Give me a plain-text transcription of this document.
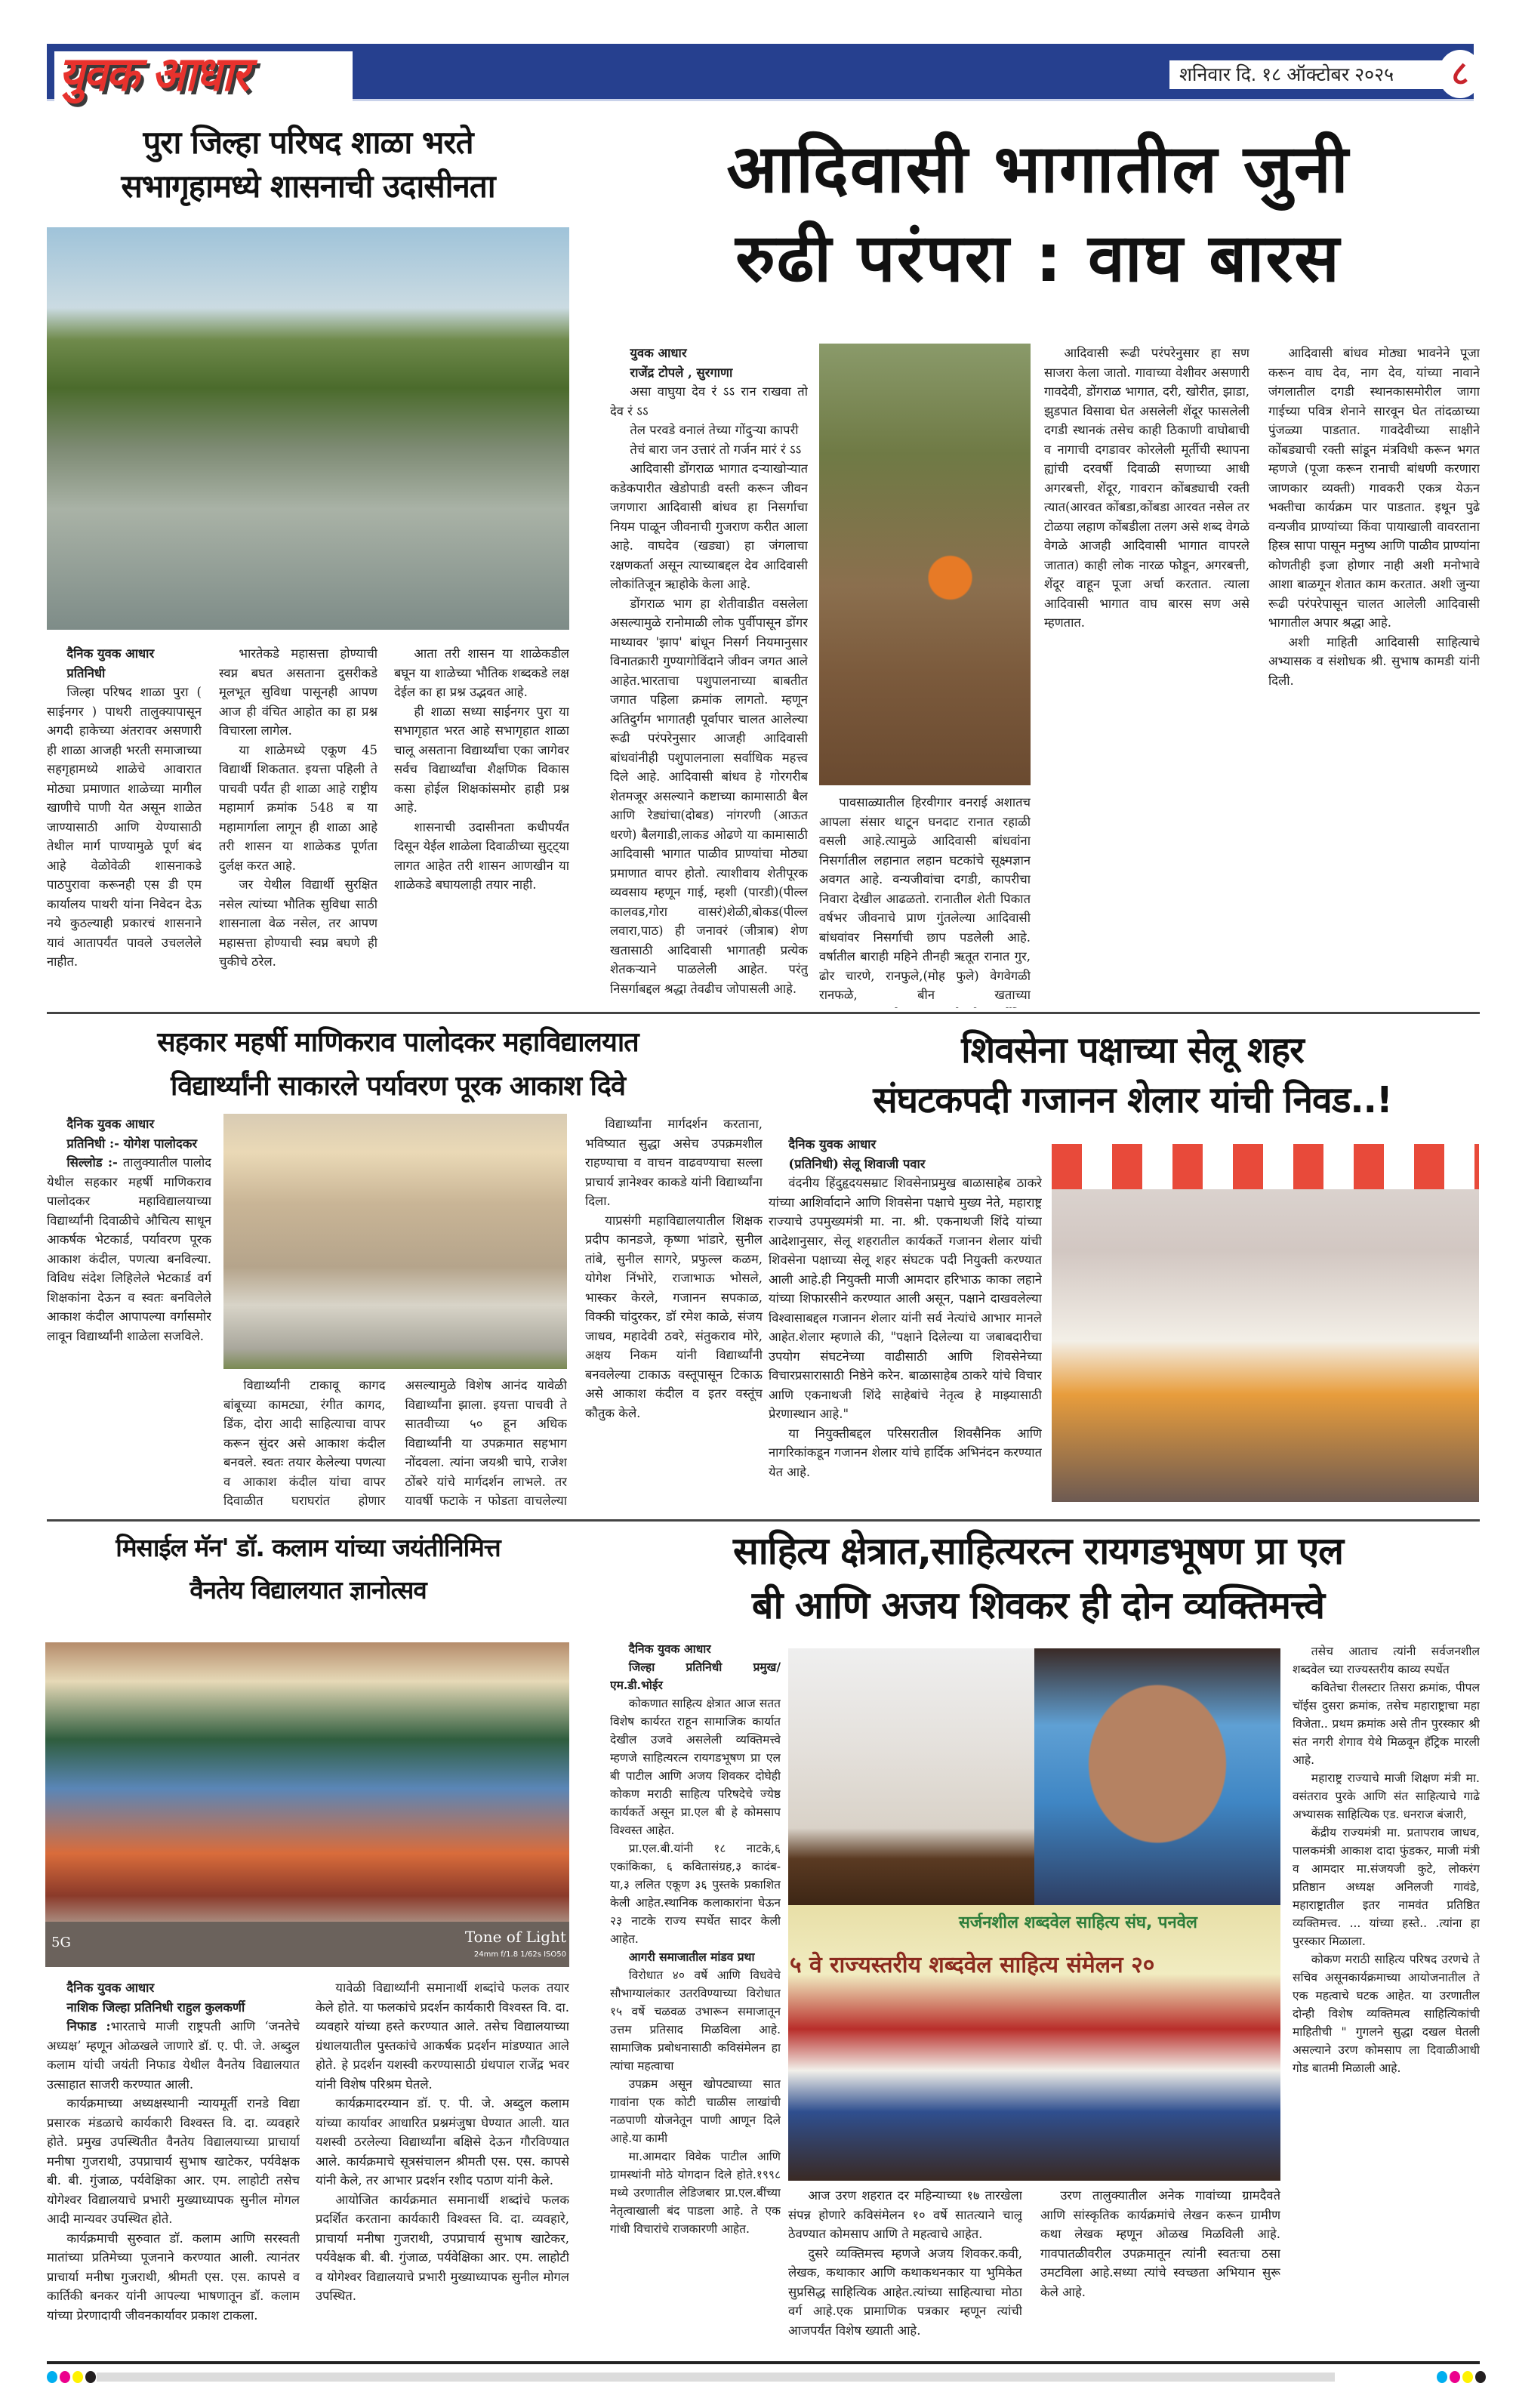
युवक आधार	शनिवार दि. १८ ऑक्टोबर २०२५	८
पुरा जिल्हा परिषद शाळा भरते
सभागृहामध्ये शासनाची उदासीनता
दैनिक युवक आधार
प्रतिनिधी

जिल्हा परिषद शाळा पुरा ( साईनगर ) पाथरी तालुक्यापासून अगदी हाकेच्या अंतरावर असणारी ही शाळा आजही भरती समाजाच्या सहगृहामध्ये शाळेचे आवारात मोठ्या प्रमाणात शाळेच्या मागील खाणीचे पाणी येत असून शाळेत जाण्यासाठी आणि येण्यासाठी तेथील मार्ग पाण्यामुळे पूर्ण बंद आहे वेळोवेळी शासनाकडे पाठपुरावा करूनही एस डी एम कार्यालय पाथरी यांना निवेदन देऊ नये कुठल्याही प्रकारचं शासनाने यावं आतापर्यंत पावले उचललेले नाहीत.

भारतेकडे महासत्ता होण्याची स्वप्न बघत असताना दुसरीकडे मूलभूत सुविधा पासूनही आपण आज ही वंचित आहोत का हा प्रश्न विचारला लागेल.

या शाळेमध्ये एकूण 45 विद्यार्थी शिकतात. इयत्ता पहिली ते पाचवी पर्यंत ही शाळा आहे राष्ट्रीय महामार्ग क्रमांक 548 ब या महामार्गाला लागून ही शाळा आहे तरी शासन या शाळेकड पूर्णता दुर्लक्ष करत आहे.

जर येथील विद्यार्थी सुरक्षित नसेल त्यांच्या भौतिक सुविधा साठी शासनाला वेळ नसेल, तर आपण महासत्ता होण्याची स्वप्न बघणे ही चुकीचे ठरेल.

आता तरी शासन या शाळेकडील बघून या शाळेच्या भौतिक शब्दकडे लक्ष देईल का हा प्रश्न उद्भवत आहे.

ही शाळा सध्या साईनगर पुरा या सभागृहात भरत आहे सभागृहात शाळा चालू असताना विद्यार्थ्यांचा एका जागेवर सर्वच विद्यार्थ्यांचा शैक्षणिक विकास कसा होईल शिक्षकांसमोर हाही प्रश्न आहे.

शासनाची उदासीनता कधीपर्यंत दिसून येईल शाळेला दिवाळीच्या सुट्ट्या लागत आहेत तरी शासन आणखीन या शाळेकडे बघायलाही तयार नाही.

आदिवासी भागातील जुनी
रुढी परंपरा : वाघ बारस
युवक आधार
राजेंद्र टोपले , सुरगाणा

असा वाघुया देव रं ऽऽ रान राखवा तो देव रं ऽऽ

तेल परवडे वनालं तेच्या गोंदुऱ्या कापरी

तेचं बारा जन उत्तारं तो गर्जन मारं रं ऽऽ

आदिवासी डोंगराळ भागात दऱ्याखोऱ्यात कडेकपारीत खेडोपाडी वस्ती करून जीवन जगणारा आदिवासी बांधव हा निसर्गाचा नियम पाळून जीवनाची गुजराण करीत आला आहे. वाघदेव (खड्या) हा जंगलाचा रक्षणकर्ता असून त्याच्याबद्दल देव आदिवासी लोकांतिजून ऋाहोके केला आहे.

डोंगराळ भाग हा शेतीवाडीत वसलेला असल्यामुळे रानोमाळी लोक पुर्वीपासून डोंगर माथ्यावर 'झाप' बांधून निसर्ग नियमानुसार विनातक्रारी गुण्यागोविंदाने जीवन जगत आले आहेत.भारताचा पशुपालनाच्या बाबतीत जगात पहिला क्रमांक लागतो. म्हणून अतिदुर्गम भागातही पूर्वापार चालत आलेल्या रूढी परंपरेनुसार आजही आदिवासी बांधवांनीही पशुपालनाला सर्वाधिक महत्त्व दिले आहे. आदिवासी बांधव हे गोरगरीब शेतमजूर असल्याने कष्टाच्या कामासाठी बैल आणि रेड्यांचा(दोबड) नांगरणी (आऊत धरणे) बैलगाडी,लाकड ओढणे या कामासाठी आदिवासी भागात पाळीव प्राण्यांचा मोठ्या प्रमाणात वापर होतो. त्याशीवाय शेतीपूरक व्यवसाय म्हणून गाई, म्हशी (पारडी)(पील्ल कालवड,गोरा वासरं)शेळी,बोकड(पील्ल लवारा,पाठ) ही जनावरं (जीत्राब) शेण खतासाठी आदिवासी भागातही प्रत्येक शेतकऱ्याने पाळलेली आहेत. परंतु निसर्गाबद्दल श्रद्धा तेवढीच जोपासली आहे.

पावसाळ्यातील हिरवीगार वनराई अशातच आपला संसार थाटून घनदाट रानात रहाळी वसली आहे.त्यामुळे आदिवासी बांधवांना निसर्गातील लहानात लहान घटकांचे सूक्ष्मज्ञान अवगत आहे. वन्यजीवांचा दगडी, कापरीचा निवारा देखील आढळतो. रानातील शेती पिकात वर्षभर जीवनाचे प्राण गुंतलेल्या आदिवासी बांधवांवर निसर्गाची छाप पडलेली आहे. वर्षातील बाराही महिने तीनही ऋतूत रानात गुर, ढोर चारणे, रानफुले,(मोह फुले) वेगवेगळी रानफळे, बीन खताच्या

आदिवासी रूढी परंपरेनुसार हा सण साजरा केला जातो. गावाच्या वेशीवर असणारी गावदेवी, डोंगराळ भागात, दरी, खोरीत, झाडा, झुडपात विसावा घेत असलेली शेंदूर फासलेली दगडी स्थानकं तसेच काही ठिकाणी वाघोबाची व नागाची दगडावर कोरलेली मूर्तीची स्थापना ह्यांची दरवर्षी दिवाळी सणाच्या आधी अगरबत्ती, शेंदूर, गावरान कोंबड्याची रक्ती त्यात(आरवत कोंबडा,कोंबडा आरवत नसेल तर टोळया लहाण कोंबडीला तलग असे शब्द वेगळे वेगळे आजही आदिवासी भागात वापरले जातात) काही लोक नारळ फोडून, अगरबत्ती, शेंदूर वाहून पूजा अर्चा करतात. त्याला आदिवासी भागात वाघ बारस सण असे म्हणतात.

आदिवासी बांधव मोठ्या भावनेने पूजा करून वाघ देव, नाग देव, यांच्या नावाने जंगलातील दगडी स्थानकासमोरील जागा गाईच्या पवित्र शेनाने सारवून घेत तांदळाच्या पुंजळ्या पाडतात. गावदेवीच्या साक्षीने कोंबड्याची रक्ती सांडून मंत्रविधी करून भगत म्हणजे (पूजा करून रानाची बांधणी करणारा जाणकार व्यक्ती) गावकरी एकत्र येऊन भक्तीचा कार्यक्रम पार पाडतात. इथून पुढे वन्यजीव प्राण्यांच्या किंवा पायाखाली वावरताना हिस्त्र सापा पासून मनुष्य आणि पाळीव प्राण्यांना कोणतीही इजा होणार नाही अशी मनोभावे आशा बाळगून शेतात काम करतात. अशी जुन्या रूढी परंपरेपासून चालत आलेली आदिवासी भागातील अपार श्रद्धा आहे.

अशी माहिती आदिवासी साहित्याचे अभ्यासक व संशोधक श्री. सुभाष कामडी यांनी दिली.

सहकार महर्षी माणिकराव पालोदकर महाविद्यालयात
विद्यार्थ्यांनी साकारले पर्यावरण पूरक आकाश दिवे
दैनिक युवक आधार
प्रतिनिधी :- योगेश पालोदकर

सिल्लोड :- तालुक्यातील पालोद येथील सहकार महर्षी माणिकराव पालोदकर महाविद्यालयाच्या विद्यार्थ्यांनी दिवाळीचे औचित्य साधून आकर्षक भेटकार्ड, पर्यावरण पूरक आकाश कंदील, पणत्या बनविल्या. विविध संदेश लिहिलेले भेटकार्ड वर्ग शिक्षकांना देऊन व स्वतः बनविलेले आकाश कंदील आपापल्या वर्गासमोर लावून विद्यार्थ्यांनी शाळेला सजविले.

विद्यार्थ्यांनी टाकावू कागद बांबूच्या कामट्या, रंगीत कागद, डिंक, दोरा आदी साहित्याचा वापर करून सुंदर असे आकाश कंदील बनवले. स्वतः तयार केलेल्या पणत्या व आकाश कंदील यांचा वापर दिवाळीत घराघरांत होणार असल्यामुळे विशेष आनंद यावेळी विद्यार्थ्यांना झाला. इयत्ता पाचवी ते सातवीच्या ५० हून अधिक विद्यार्थ्यांनी या उपक्रमात सहभाग नोंदवला. त्यांना जयश्री चापे, राजेश ठोंबरे यांचे मार्गदर्शन लाभले. तर यावर्षी फटाके न फोडता वाचलेल्या

विद्यार्थ्यांना मार्गदर्शन करताना, भविष्यात सुद्धा असेच उपक्रमशील राहण्याचा व वाचन वाढवण्याचा सल्ला प्राचार्य ज्ञानेश्वर काकडे यांनी विद्यार्थ्यांना दिला.

याप्रसंगी महाविद्यालयातील शिक्षक प्रदीप कानडजे, कृष्णा भांडारे, सुनील तांबे, सुनील सागरे, प्रफुल्ल कळम, योगेश निंभोरे, राजाभाऊ भोसले, भास्कर केरले, गजानन सपकाळ, विक्की चांदुरकर, डॉ रमेश काळे, संजय जाधव, महादेवी ठवरे, संतुकराव मोरे, अक्षय निकम यांनी विद्यार्थ्यांनी बनवलेल्या टाकाऊ वस्तूपासून टिकाऊ असे आकाश कंदील व इतर वस्तूंच कौतुक केले.

शिवसेना पक्षाच्या सेलू शहर
संघटकपदी गजानन शेलार यांची निवड..!
दैनिक युवक आधार
(प्रतिनिधी) सेलू शिवाजी पवार

वंदनीय हिंदुहृदयसम्राट शिवसेनाप्रमुख बाळासाहेब ठाकरे यांच्या आशिर्वादाने आणि शिवसेना पक्षाचे मुख्य नेते, महाराष्ट्र राज्याचे उपमुख्यमंत्री मा. ना. श्री. एकनाथजी शिंदे यांच्या आदेशानुसार, सेलू शहरातील कार्यकर्ते गजानन शेलार यांची शिवसेना पक्षाच्या सेलू शहर संघटक पदी नियुक्ती करण्यात आली आहे.ही नियुक्ती माजी आमदार हरिभाऊ काका लहाने यांच्या शिफारसीने करण्यात आली असून, पक्षाने दाखवलेल्या विश्वासाबद्दल गजानन शेलार यांनी सर्व नेत्यांचे आभार मानले आहेत.शेलार म्हणाले की, "पक्षाने दिलेल्या या जबाबदारीचा उपयोग संघटनेच्या वाढीसाठी आणि शिवसेनेच्या विचारप्रसारासाठी निष्ठेने करेन. बाळासाहेब ठाकरे यांचे विचार आणि एकनाथजी शिंदे साहेबांचे नेतृत्व हे माझ्यासाठी प्रेरणास्थान आहे."

या नियुक्तीबद्दल परिसरातील शिवसैनिक आणि नागरिकांकडून गजानन शेलार यांचे हार्दिक अभिनंदन करण्यात येत आहे.

मिसाईल मॅन' डॉ. कलाम यांच्या जयंतीनिमित्त
वैनतेय विद्यालयात ज्ञानोत्सव
5G	Tone of Light
24mm f/1.8 1/62s ISO50
दैनिक युवक आधार
नाशिक जिल्हा प्रतिनिधी राहुल कुलकर्णी

निफाड :भारताचे माजी राष्ट्रपती आणि ‘जनतेचे अध्यक्ष’ म्हणून ओळखले जाणारे डॉ. ए. पी. जे. अब्दुल कलाम यांची जयंती निफाड येथील वैनतेय विद्यालयात उत्साहात साजरी करण्यात आली.

कार्यक्रमाच्या अध्यक्षस्थानी न्यायमूर्ती रानडे विद्या प्रसारक मंडळाचे कार्यकारी विश्वस्त वि. दा. व्यवहारे होते. प्रमुख उपस्थितीत वैनतेय विद्यालयाच्या प्राचार्या मनीषा गुजराथी, उपप्राचार्य सुभाष खाटेकर, पर्यवेक्षक बी. बी. गुंजाळ, पर्यवेक्षिका आर. एम. लाहोटी तसेच योगेश्वर विद्यालयाचे प्रभारी मुख्याध्यापक सुनील मोगल आदी मान्यवर उपस्थित होते.

कार्यक्रमाची सुरुवात डॉ. कलाम आणि सरस्वती मातांच्या प्रतिमेच्या पूजनाने करण्यात आली. त्यानंतर प्राचार्या मनीषा गुजराथी, श्रीमती एस. एस. कापसे व कार्तिकी बनकर यांनी आपल्या भाषणातून डॉ. कलाम यांच्या प्रेरणादायी जीवनकार्यावर प्रकाश टाकला.

यावेळी विद्यार्थ्यांनी समानार्थी शब्दांचे फलक तयार केले होते. या फलकांचे प्रदर्शन कार्यकारी विश्वस्त वि. दा. व्यवहारे यांच्या हस्ते करण्यात आले. तसेच विद्यालयाच्या ग्रंथालयातील पुस्तकांचे आकर्षक प्रदर्शन मांडण्यात आले होते. हे प्रदर्शन यशस्वी करण्यासाठी ग्रंथपाल राजेंद्र भवर यांनी विशेष परिश्रम घेतले.

कार्यक्रमादरम्यान डॉ. ए. पी. जे. अब्दुल कलाम यांच्या कार्यावर आधारित प्रश्नमंजुषा घेण्यात आली. यात यशस्वी ठरलेल्या विद्यार्थ्यांना बक्षिसे देऊन गौरविण्यात आले. कार्यक्रमाचे सूत्रसंचालन श्रीमती एस. एस. कापसे यांनी केले, तर आभार प्रदर्शन रशीद पठाण यांनी केले.

आयोजित कार्यक्रमात समानार्थी शब्दांचे फलक प्रदर्शित करताना कार्यकारी विश्वस्त वि. दा. व्यवहारे, प्राचार्या मनीषा गुजराथी, उपप्राचार्य सुभाष खाटेकर, पर्यवेक्षक बी. बी. गुंजाळ, पर्यवेक्षिका आर. एम. लाहोटी व योगेश्वर विद्यालयाचे प्रभारी मुख्याध्यापक सुनील मोगल उपस्थित.

साहित्य क्षेत्रात,साहित्यरत्न रायगडभूषण प्रा एल
बी आणि अजय शिवकर ही दोन व्यक्तिमत्त्वे
दैनिक युवक आधार
जिल्हा प्रतिनिधी प्रमुख/ एम.डी.भोईर

कोकणात साहित्य क्षेत्रात आज सतत विशेष कार्यरत राहून सामाजिक कार्यात देखील उजवे असलेली व्यक्तिमत्त्वे म्हणजे साहित्यरत्न रायगडभूषण प्रा एल बी पाटील आणि अजय शिवकर दोघेही कोकण मराठी साहित्य परिषदेचे ज्येष्ठ कार्यकर्ते असून प्रा.एल बी हे कोमसाप विश्वस्त आहेत.

प्रा.एल.बी.यांनी १८ नाटके,६ एकांकिका, ६ कवितासंग्रह,३ कादंब-या,३ ललित एकूण ३६ पुस्तके प्रकाशित केली आहेत.स्थानिक कलाकारांना घेऊन २३ नाटके राज्य स्पर्धेत सादर केली आहेत.

आगरी समाजातील मांडव प्रथा

विरोधात ४० वर्षे आणि विधवेचे सौभाग्यालंकार उतरविण्याच्या विरोधात १५ वर्षे चळवळ उभारून समाजातून उत्तम प्रतिसाद मिळविला आहे. सामाजिक प्रबोधनासाठी कविसंमेलन हा त्यांचा महत्वाचा

उपक्रम असून खोपट्याच्या सात गावांना एक कोटी चाळीस लाखांची नळपाणी योजनेतून पाणी आणून दिले आहे.या कामी

मा.आमदार विवेक पाटील आणि ग्रामस्थांनी मोठे योगदान दिले होते.१९९८ मध्ये उरणातील लेडिजबार प्रा.एल.बींच्या नेतृत्वाखाली बंद पाडला आहे. ते एक गांधी विचारांचे राजकारणी आहेत.

सर्जनशील शब्दवेल साहित्य संघ, पनवेल
५ वे राज्यस्तरीय शब्दवेल साहित्य संमेलन २०

आज उरण शहरात दर महिन्याच्या १७ तारखेला संपन्न होणारे कविसंमेलन १० वर्षे सातत्याने चालू ठेवण्यात कोमसाप आणि ते महत्वाचे आहेत.

दुसरे व्यक्तिमत्त्व म्हणजे अजय शिवकर.कवी, लेखक, कथाकार आणि कथाकथनकार या भुमिकेत सुप्रसिद्ध साहित्यिक आहेत.त्यांच्या साहित्याचा मोठा वर्ग आहे.एक प्रामाणिक पत्रकार म्हणून त्यांची आजपर्यंत विशेष ख्याती आहे.

उरण तालुक्यातील अनेक गावांच्या ग्रामदैवते आणि सांस्कृतिक कार्यक्रमांचे लेखन करून ग्रामीण कथा लेखक म्हणून ओळख मिळविली आहे. गावपातळीवरील उपक्रमातून त्यांनी स्वतःचा ठसा उमटविला आहे.सध्या त्यांचे स्वच्छता अभियान सुरू केले आहे.

तसेच आताच त्यांनी सर्वजनशील शब्दवेल च्या राज्यस्तरीय काव्य स्पर्धेत

कवितेचा रीलस्टार तिसरा क्रमांक, पीपल चॉईस दुसरा क्रमांक, तसेच महाराष्ट्राचा महा विजेता.. प्रथम क्रमांक असे तीन पुरस्कार श्री संत नगरी शेगाव येथे मिळवून हॅट्रिक मारली आहे.

महाराष्ट्र राज्याचे माजी शिक्षण मंत्री मा. वसंतराव पुरके आणि संत साहित्याचे गाढे अभ्यासक साहित्यिक एड. धनराज बंजारी,

केंद्रीय राज्यमंत्री मा. प्रतापराव जाधव, पालकमंत्री आकाश दादा फुंडकर, माजी मंत्री व आमदार मा.संजयजी कुटे, लोकरंग प्रतिष्ठान अध्यक्ष अनिलजी गावंडे, महाराष्ट्रातील इतर नामवंत प्रतिष्ठित व्यक्तिमत्त्व. ... यांच्या हस्ते.. .त्यांना हा पुरस्कार मिळाला.

कोकण मराठी साहित्य परिषद उरणचे ते सचिव असूनकार्यक्रमाच्या आयोजनातील ते एक महत्वाचे घटक आहेत. या उरणातील दोन्ही विशेष व्यक्तिमत्व साहित्यिकांची माहितीची " गुगलने सुद्धा दखल घेतली असल्याने उरण कोमसाप ला दिवाळीआधी गोड बातमी मिळाली आहे.
